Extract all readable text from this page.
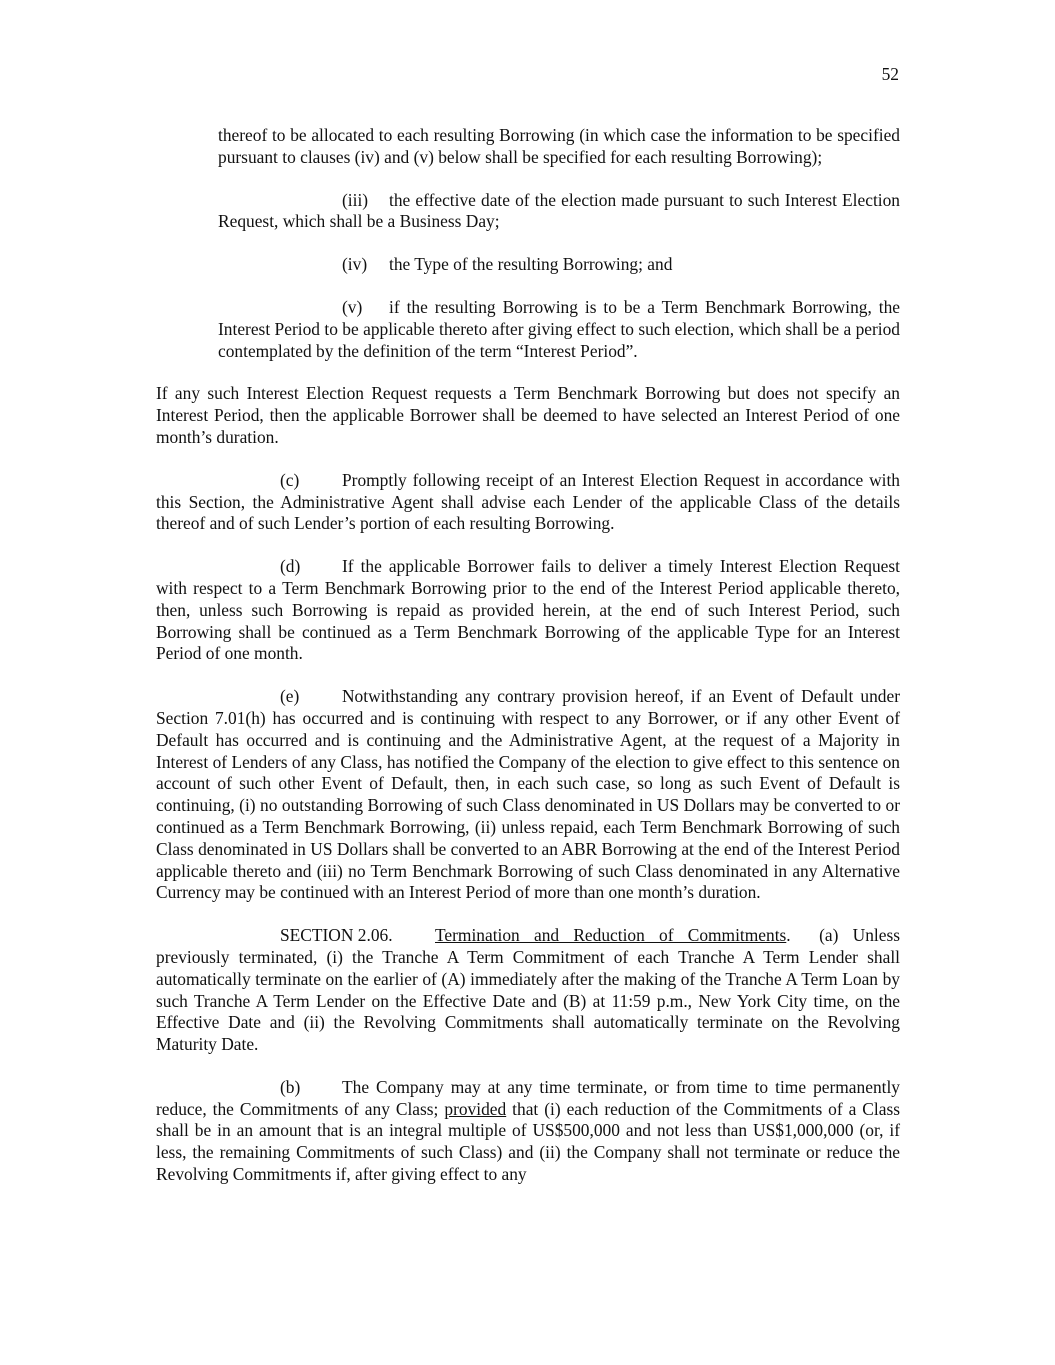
52

thereof to be allocated to each resulting Borrowing (in which case the information to be specified pursuant to clauses (iv) and (v) below shall be specified for each resulting Borrowing);

(iii) the effective date of the election made pursuant to such Interest Election Request, which shall be a Business Day;

(iv) the Type of the resulting Borrowing; and

(v) if the resulting Borrowing is to be a Term Benchmark Borrowing, the Interest Period to be applicable thereto after giving effect to such election, which shall be a period contemplated by the definition of the term “Interest Period”.

If any such Interest Election Request requests a Term Benchmark Borrowing but does not specify an Interest Period, then the applicable Borrower shall be deemed to have selected an Interest Period of one month’s duration.

(c) Promptly following receipt of an Interest Election Request in accordance with this Section, the Administrative Agent shall advise each Lender of the applicable Class of the details thereof and of such Lender’s portion of each resulting Borrowing.

(d) If the applicable Borrower fails to deliver a timely Interest Election Request with respect to a Term Benchmark Borrowing prior to the end of the Interest Period applicable thereto, then, unless such Borrowing is repaid as provided herein, at the end of such Interest Period, such Borrowing shall be continued as a Term Benchmark Borrowing of the applicable Type for an Interest Period of one month.

(e) Notwithstanding any contrary provision hereof, if an Event of Default under Section 7.01(h) has occurred and is continuing with respect to any Borrower, or if any other Event of Default has occurred and is continuing and the Administrative Agent, at the request of a Majority in Interest of Lenders of any Class, has notified the Company of the election to give effect to this sentence on account of such other Event of Default, then, in each such case, so long as such Event of Default is continuing, (i) no outstanding Borrowing of such Class denominated in US Dollars may be converted to or continued as a Term Benchmark Borrowing, (ii) unless repaid, each Term Benchmark Borrowing of such Class denominated in US Dollars shall be converted to an ABR Borrowing at the end of the Interest Period applicable thereto and (iii) no Term Benchmark Borrowing of such Class denominated in any Alternative Currency may be continued with an Interest Period of more than one month’s duration.

SECTION 2.06. Termination and Reduction of Commitments. (a) Unless previously terminated, (i) the Tranche A Term Commitment of each Tranche A Term Lender shall automatically terminate on the earlier of (A) immediately after the making of the Tranche A Term Loan by such Tranche A Term Lender on the Effective Date and (B) at 11:59 p.m., New York City time, on the Effective Date and (ii) the Revolving Commitments shall automatically terminate on the Revolving Maturity Date.

(b) The Company may at any time terminate, or from time to time permanently reduce, the Commitments of any Class; provided that (i) each reduction of the Commitments of a Class shall be in an amount that is an integral multiple of US$500,000 and not less than US$1,000,000 (or, if less, the remaining Commitments of such Class) and (ii) the Company shall not terminate or reduce the Revolving Commitments if, after giving effect to any
